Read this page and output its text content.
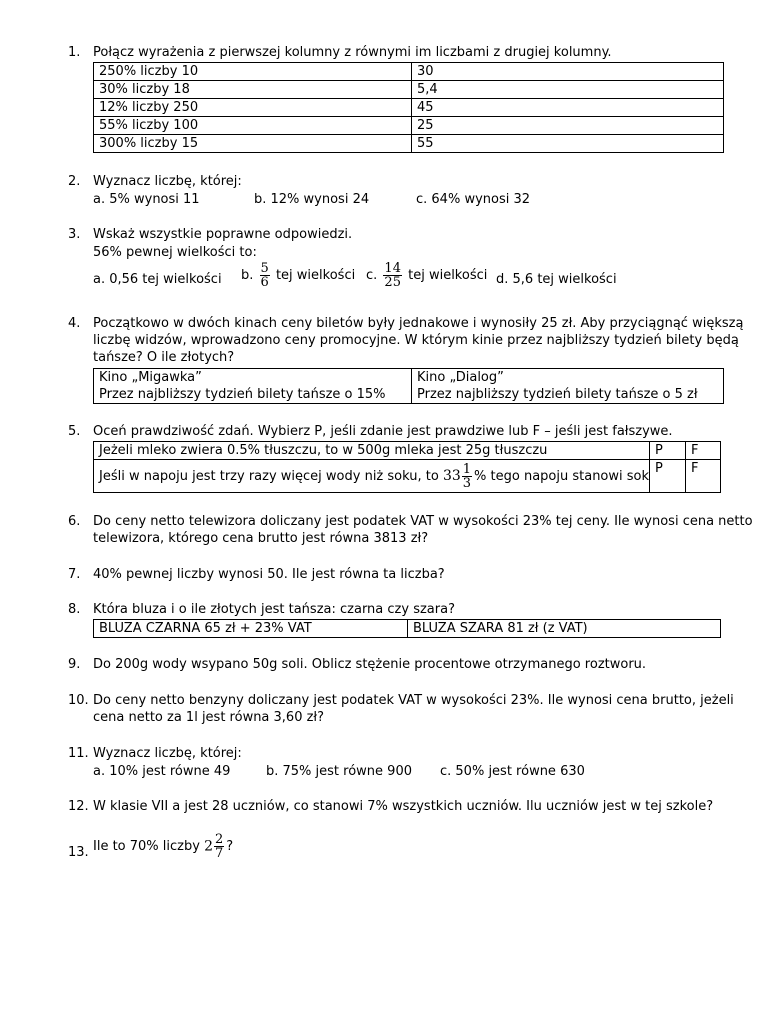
1. Połącz wyrażenia z pierwszej kolumny z równymi im liczbami z drugiej kolumny.
250% liczby 10	30
30% liczby 18	5,4
12% liczby 250	45
55% liczby 100	25
300% liczby 15	55
2. Wyznacz liczbę, której:
a. 5% wynosi 11	b. 12% wynosi 24	c. 64% wynosi 32
3. Wskaż wszystkie poprawne odpowiedzi.
56% pewnej wielkości to:
a. 0,56 tej wielkości b. $\frac{5}{6}$ tej wielkości c. $\frac{14}{25}$ tej wielkości d. 5,6 tej wielkości
4. Początkowo w dwóch kinach ceny biletów były jednakowe i wynosiły 25 zł. Aby przyciągnąć większą
liczbę widzów, wprowadzono ceny promocyjne. W którym kinie przez najbliższy tydzień bilety będą
tańsze? O ile złotych?
Kino „Migawka”	Kino „Dialog”
Przez najbliższy tydzień bilety tańsze o 15%	Przez najbliższy tydzień bilety tańsze o 5 zł
5. Oceń prawdziwość zdań. Wybierz P, jeśli zdanie jest prawdziwe lub F – jeśli jest fałszywe.
Jeżeli mleko zwiera 0.5% tłuszczu, to w 500g mleka jest 25g tłuszczu	P	F
Jeśli w napoju jest trzy razy więcej wody niż soku, to $33 \frac{1}{3}$ % tego napoju stanowi sok	P	F
6. Do ceny netto telewizora doliczany jest podatek VAT w wysokości 23% tej ceny. Ile wynosi cena netto
telewizora, którego cena brutto jest równa 3813 zł?
7. 40% pewnej liczby wynosi 50. Ile jest równa ta liczba?
8. Która bluza i o ile złotych jest tańsza: czarna czy szara?
BLUZA CZARNA 65 zł + 23% VAT	BLUZA SZARA 81 zł (z VAT)
9. Do 200g wody wsypano 50g soli. Oblicz stężenie procentowe otrzymanego roztworu.
10. Do ceny netto benzyny doliczany jest podatek VAT w wysokości 23%. Ile wynosi cena brutto, jeżeli
cena netto za 1l jest równa 3,60 zł?
11. Wyznacz liczbę, której:
a. 10% jest równe 49	b. 75% jest równe 900 c. 50% jest równe 630
12. W klasie VII a jest 28 uczniów, co stanowi 7% wszystkich uczniów. Ilu uczniów jest w tej szkole?
13. Ile to 70% liczby $2 \frac{2}{7}$ ?
